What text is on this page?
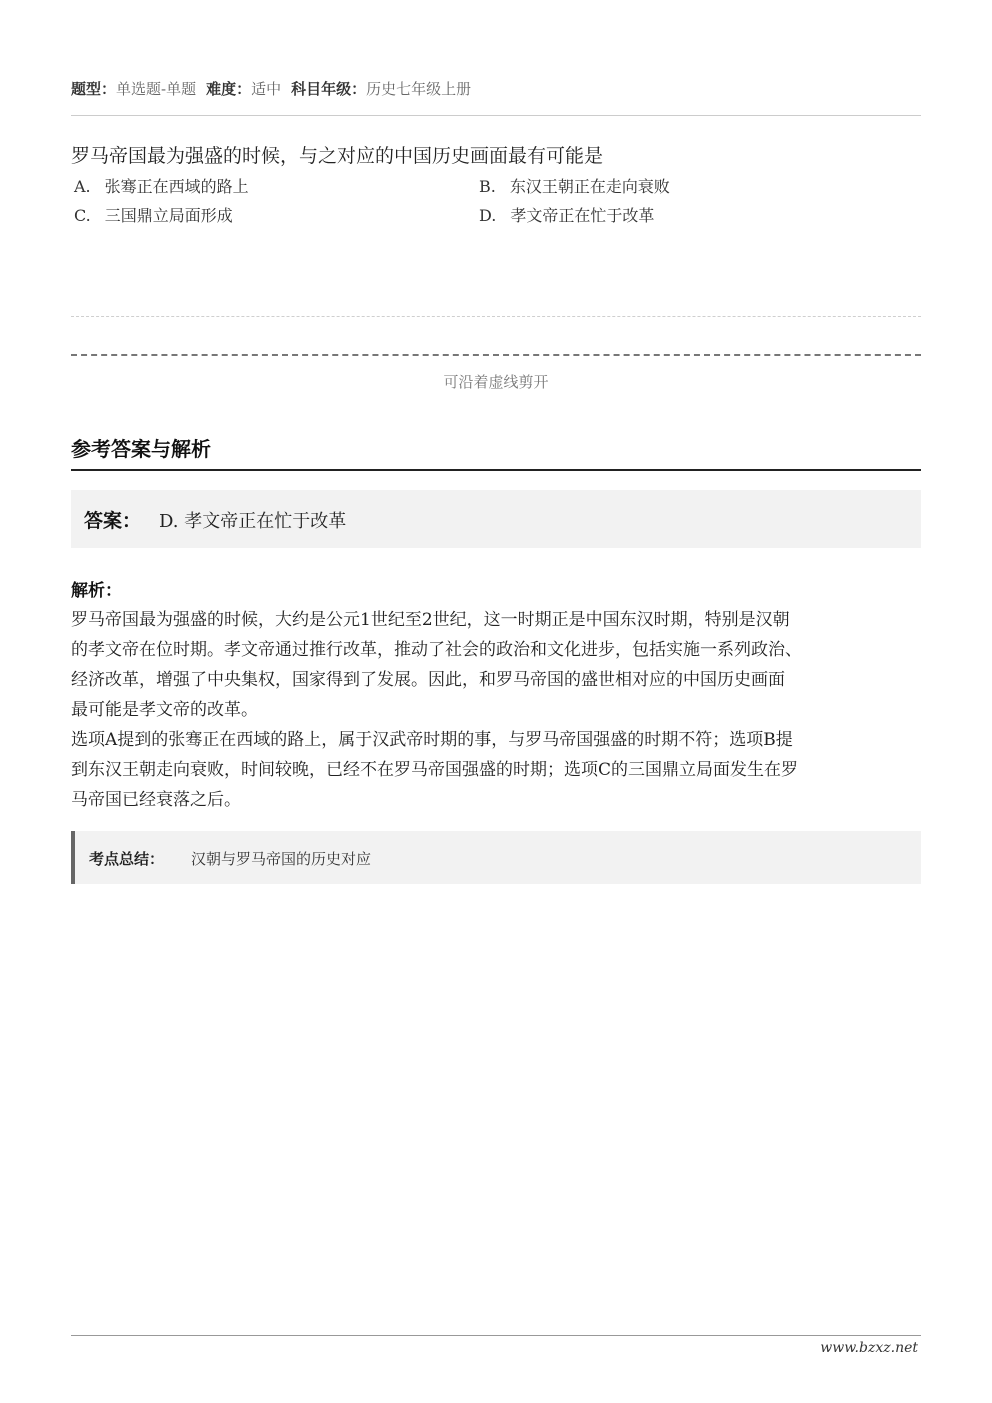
题型：单选题-单题 难度：适中 科目年级：历史七年级上册
罗马帝国最为强盛的时候，与之对应的中国历史画面最有可能是
A. 张骞正在西域的路上	B. 东汉王朝正在走向衰败
C. 三国鼎立局面形成	D. 孝文帝正在忙于改革
可沿着虚线剪开
参考答案与解析
答案： D. 孝文帝正在忙于改革
解析：

罗马帝国最为强盛的时候，大约是公元1世纪至2世纪，这一时期正是中国东汉时期，特别是汉朝

的孝文帝在位时期。孝文帝通过推行改革，推动了社会的政治和文化进步，包括实施一系列政治、

经济改革，增强了中央集权，国家得到了发展。因此，和罗马帝国的盛世相对应的中国历史画面

最可能是孝文帝的改革。

选项A提到的张骞正在西域的路上，属于汉武帝时期的事，与罗马帝国强盛的时期不符；选项B提

到东汉王朝走向衰败，时间较晚，已经不在罗马帝国强盛的时期；选项C的三国鼎立局面发生在罗

马帝国已经衰落之后。

考点总结： 汉朝与罗马帝国的历史对应
www.bzxz.net
